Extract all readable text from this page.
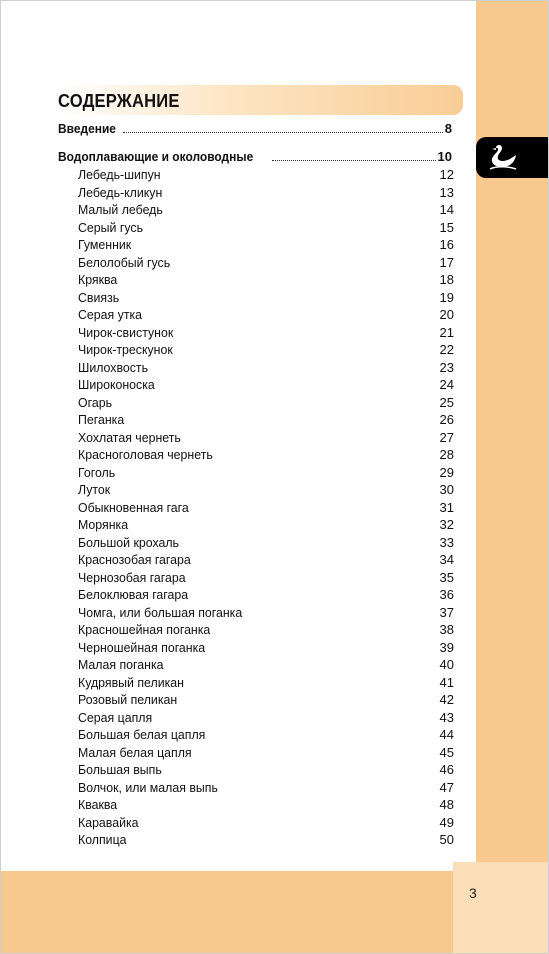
3
СОДЕРЖАНИЕ
Введение	8
Водоплавающие и околоводные	10
Лебедь-шипун	12
Лебедь-кликун	13
Малый лебедь	14
Серый гусь	15
Гуменник	16
Белолобый гусь	17
Кряква	18
Свиязь	19
Серая утка	20
Чирок-свистунок	21
Чирок-трескунок	22
Шилохвость	23
Широконоска	24
Огарь	25
Пеганка	26
Хохлатая чернеть	27
Красноголовая чернеть	28
Гоголь	29
Луток	30
Обыкновенная гага	31
Морянка	32
Большой крохаль	33
Краснозобая гагара	34
Чернозобая гагара	35
Белоклювая гагара	36
Чомга, или большая поганка	37
Красношейная поганка	38
Черношейная поганка	39
Малая поганка	40
Кудрявый пеликан	41
Розовый пеликан	42
Серая цапля	43
Большая белая цапля	44
Малая белая цапля	45
Большая выпь	46
Волчок, или малая выпь	47
Кваква	48
Каравайка	49
Колпица	50
